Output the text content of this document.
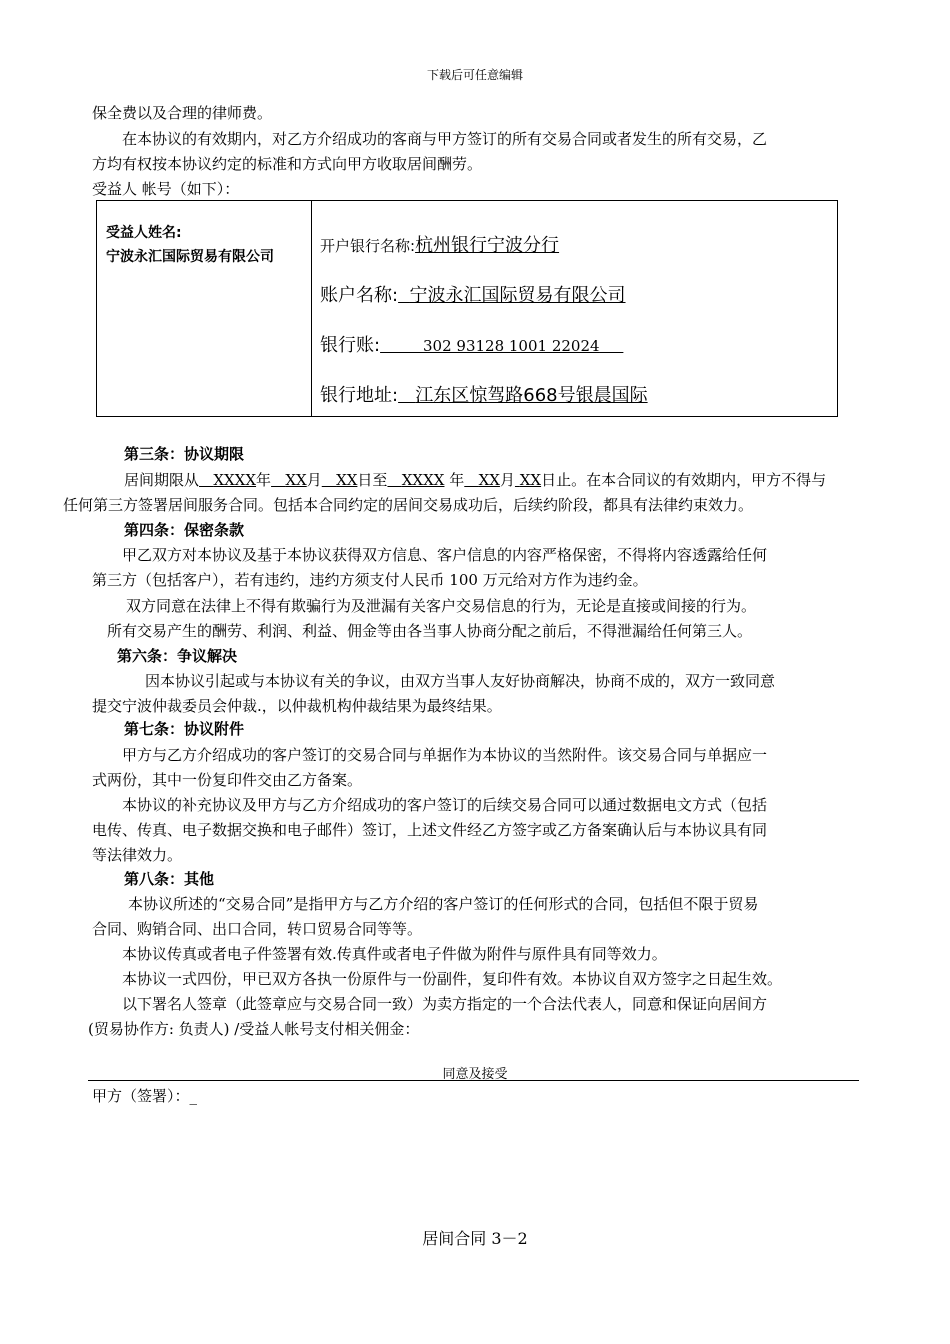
下载后可任意编辑
保全费以及合理的律师费。
在本协议的有效期内，对乙方介绍成功的客商与甲方签订的所有交易合同或者发生的所有交易，乙
方均有权按本协议约定的标准和方式向甲方收取居间酬劳。
受益人 帐号（如下）：
受益人姓名:
宁波永汇国际贸易有限公司

开户银行名称:杭州银行宁波分行
账户名称: 宁波永汇国际贸易有限公司
银行账:	302 93128 1001 22024
银行地址: 江东区惊驾路668号银晨国际
第三条：协议期限
居间期限从 XXXX年 XX月 XX日至 XXXX 年 XX月 XX日止。在本合同议的有效期内，甲方不得与
任何第三方签署居间服务合同。包括本合同约定的居间交易成功后，后续约阶段，都具有法律约束效力。
第四条：保密条款
甲乙双方对本协议及基于本协议获得双方信息、客户信息的内容严格保密，不得将内容透露给任何
第三方（包括客户），若有违约，违约方须支付人民币 100 万元给对方作为违约金。
双方同意在法律上不得有欺骗行为及泄漏有关客户交易信息的行为，无论是直接或间接的行为。
所有交易产生的酬劳、利润、利益、佣金等由各当事人协商分配之前后，不得泄漏给任何第三人。
第六条：争议解决
因本协议引起或与本协议有关的争议，由双方当事人友好协商解决，协商不成的，双方一致同意
提交宁波仲裁委员会仲裁.，以仲裁机构仲裁结果为最终结果。
第七条：协议附件
甲方与乙方介绍成功的客户签订的交易合同与单据作为本协议的当然附件。该交易合同与单据应一
式两份，其中一份复印件交由乙方备案。
本协议的补充协议及甲方与乙方介绍成功的客户签订的后续交易合同可以通过数据电文方式（包括
电传、传真、电子数据交换和电子邮件）签订，上述文件经乙方签字或乙方备案确认后与本协议具有同
等法律效力。
第八条：其他
本协议所述的“交易合同”是指甲方与乙方介绍的客户签订的任何形式的合同，包括但不限于贸易
合同、购销合同、出口合同，转口贸易合同等等。
本协议传真或者电子件签署有效.传真件或者电子件做为附件与原件具有同等效力。
本协议一式四份，甲已双方各执一份原件与一份副件，复印件有效。本协议自双方签字之日起生效。
以下署名人签章（此签章应与交易合同一致）为卖方指定的一个合法代表人，同意和保证向居间方
(贸易协作方: 负责人) /受益人帐号支付相关佣金：
同意及接受
甲方（签署）：_
居间合同 3－2
